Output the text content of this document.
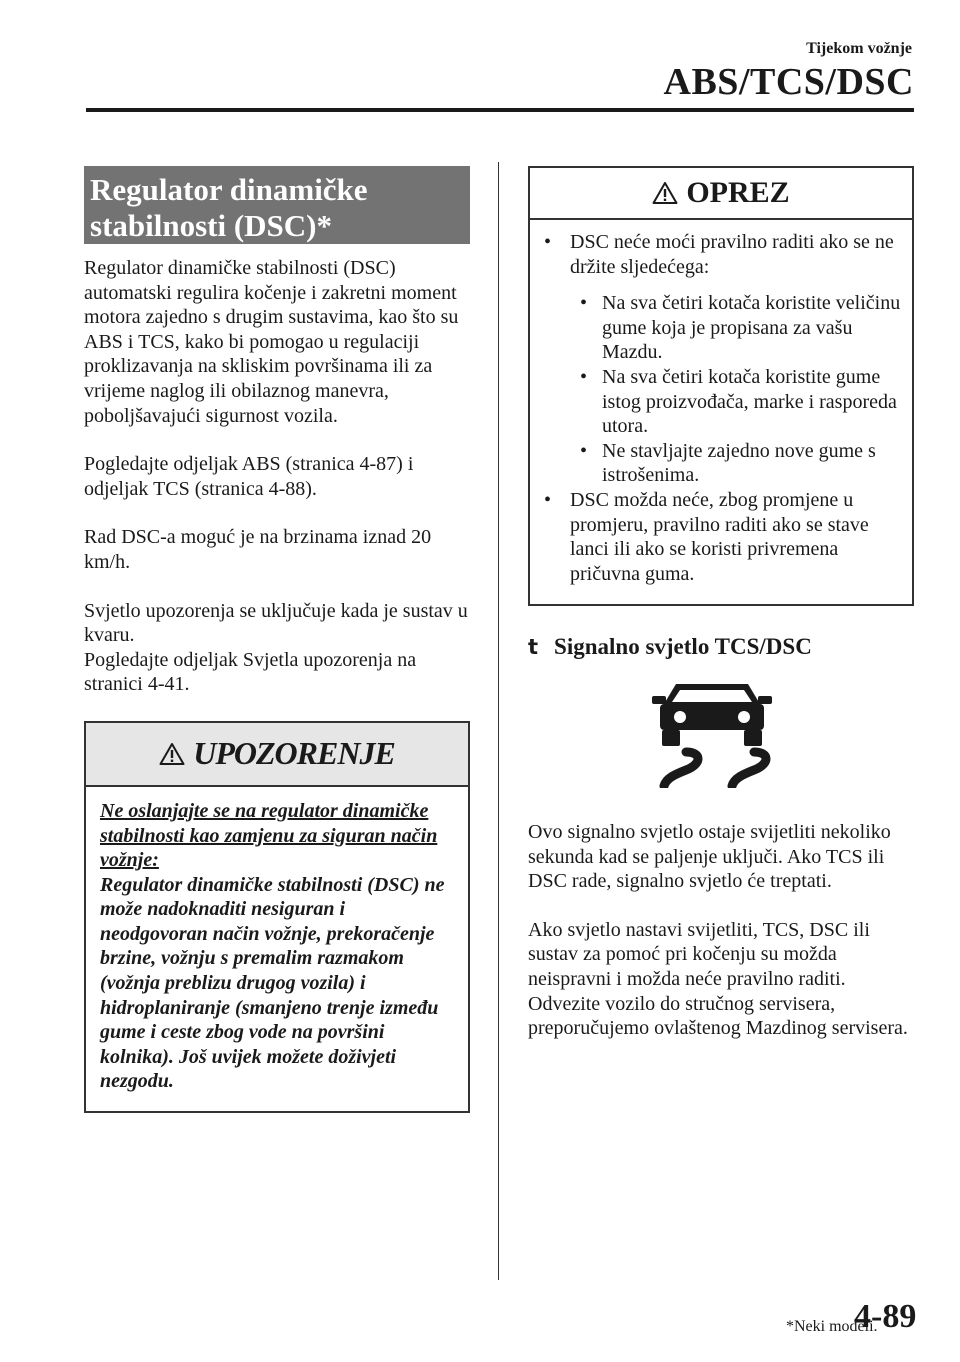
Tijekom vožnje
ABS/TCS/DSC
Regulator dinamičke stabilnosti (DSC)*

Regulator dinamičke stabilnosti (DSC) automatski regulira kočenje i zakretni moment motora zajedno s drugim sustavima, kao što su ABS i TCS, kako bi pomogao u regulaciji proklizavanja na skliskim površinama ili za vrijeme naglog ili obilaznog manevra, poboljšavajući sigurnost vozila.

Pogledajte odjeljak ABS (stranica 4-87) i odjeljak TCS (stranica 4-88).

Rad DSC-a moguć je na brzinama iznad 20 km/h.

Svjetlo upozorenja se uključuje kada je sustav u kvaru.

Pogledajte odjeljak Svjetla upozorenja na stranici 4-41.

UPOZORENJE
Ne oslanjajte se na regulator dinamičke stabilnosti kao zamjenu za siguran način vožnje:
Regulator dinamičke stabilnosti (DSC) ne može nadoknaditi nesiguran i neodgovoran način vožnje, prekoračenje brzine, vožnju s premalim razmakom (vožnja preblizu drugog vozila) i hidroplaniranje (smanjeno trenje između gume i ceste zbog vode na površini kolnika). Još uvijek možete doživjeti nezgodu.
OPREZ
• DSC neće moći pravilno raditi ako se ne držite sljedećega:
• Na sva četiri kotača koristite veličinu gume koja je propisana za vašu Mazdu.
• Na sva četiri kotača koristite gume istog proizvođača, marke i rasporeda utora.
• Ne stavljajte zajedno nove gume s istrošenima.
• DSC možda neće, zbog promjene u promjeru, pravilno raditi ako se stave lanci ili ako se koristi privremena pričuvna guma.
t Signalno svjetlo TCS/DSC

Ovo signalno svjetlo ostaje svijetliti nekoliko sekunda kad se paljenje uključi. Ako TCS ili DSC rade, signalno svjetlo će treptati.

Ako svjetlo nastavi svijetliti, TCS, DSC ili sustav za pomoć pri kočenju su možda neispravni i možda neće pravilno raditi. Odvezite vozilo do stručnog servisera, preporučujemo ovlaštenog Mazdinog servisera.

*Neki modeli.
4-89
